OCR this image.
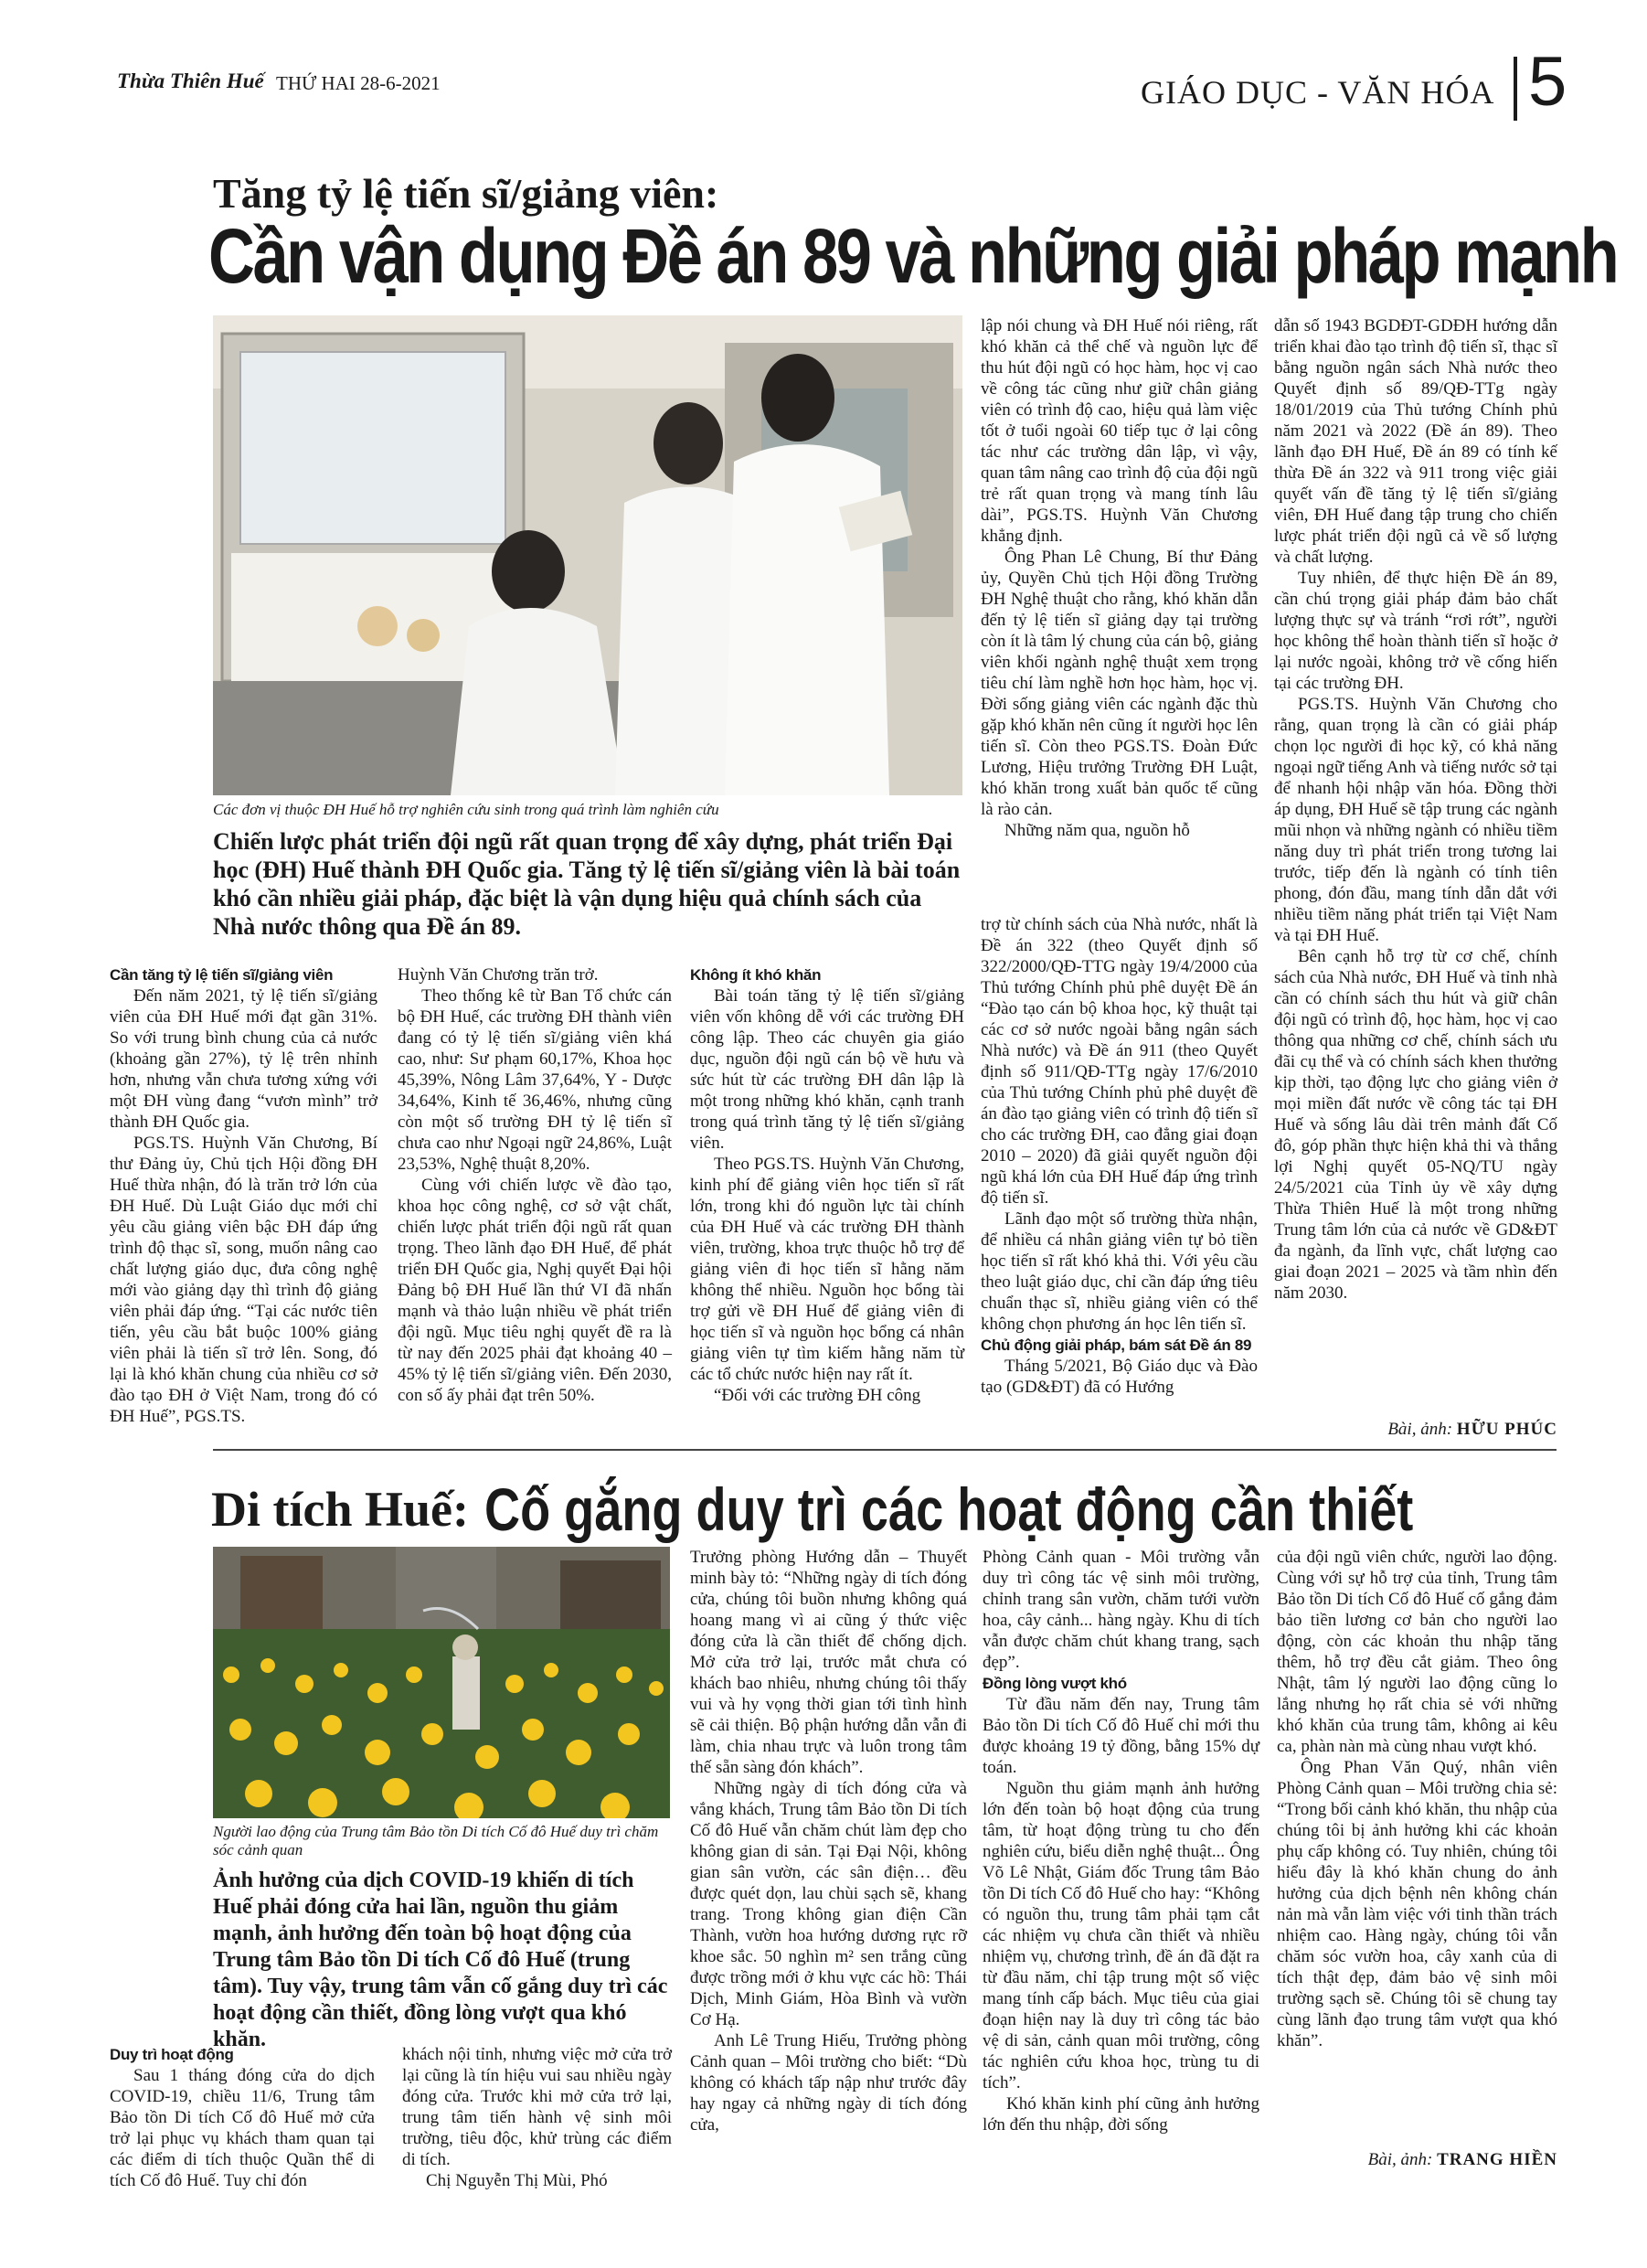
Thừa Thiên Huế THỨ HAI 28-6-2021	GIÁO DỤC - VĂN HÓA 5
Tăng tỷ lệ tiến sĩ/giảng viên:
Cần vận dụng Đề án 89 và những giải pháp mạnh
Các đơn vị thuộc ĐH Huế hỗ trợ nghiên cứu sinh trong quá trình làm nghiên cứu
Chiến lược phát triển đội ngũ rất quan trọng để xây dựng, phát triển Đại học (ĐH) Huế thành ĐH Quốc gia. Tăng tỷ lệ tiến sĩ/giảng viên là bài toán khó cần nhiều giải pháp, đặc biệt là vận dụng hiệu quả chính sách của Nhà nước thông qua Đề án 89.

lập nói chung và ĐH Huế nói riêng, rất khó khăn cả thể chế và nguồn lực để thu hút đội ngũ có học hàm, học vị cao về công tác cũng như giữ chân giảng viên có trình độ cao, hiệu quả làm việc tốt ở tuổi ngoài 60 tiếp tục ở lại công tác như các trường dân lập, vì vậy, quan tâm nâng cao trình độ của đội ngũ trẻ rất quan trọng và mang tính lâu dài”, PGS.TS. Huỳnh Văn Chương khẳng định.

Ông Phan Lê Chung, Bí thư Đảng ủy, Quyền Chủ tịch Hội đồng Trường ĐH Nghệ thuật cho rằng, khó khăn dẫn đến tỷ lệ tiến sĩ giảng dạy tại trường còn ít là tâm lý chung của cán bộ, giảng viên khối ngành nghệ thuật xem trọng tiêu chí làm nghề hơn học hàm, học vị. Đời sống giảng viên các ngành đặc thù gặp khó khăn nên cũng ít người học lên tiến sĩ. Còn theo PGS.TS. Đoàn Đức Lương, Hiệu trưởng Trường ĐH Luật, khó khăn trong xuất bản quốc tế cũng là rào cản.

Những năm qua, nguồn hỗ

dẫn số 1943 BGDĐT-GDĐH hướng dẫn triển khai đào tạo trình độ tiến sĩ, thạc sĩ bằng nguồn ngân sách Nhà nước theo Quyết định số 89/QĐ-TTg ngày 18/01/2019 của Thủ tướng Chính phủ năm 2021 và 2022 (Đề án 89). Theo lãnh đạo ĐH Huế, Đề án 89 có tính kế thừa Đề án 322 và 911 trong việc giải quyết vấn đề tăng tỷ lệ tiến sĩ/giảng viên, ĐH Huế đang tập trung cho chiến lược phát triển đội ngũ cả về số lượng và chất lượng.

Tuy nhiên, để thực hiện Đề án 89, cần chú trọng giải pháp đảm bảo chất lượng thực sự và tránh “rơi rớt”, người học không thể hoàn thành tiến sĩ hoặc ở lại nước ngoài, không trở về cống hiến tại các trường ĐH.

PGS.TS. Huỳnh Văn Chương cho rằng, quan trọng là cần có giải pháp chọn lọc người đi học kỹ, có khả năng ngoại ngữ tiếng Anh và tiếng nước sở tại để nhanh hội nhập văn hóa. Đồng thời áp dụng, ĐH Huế sẽ tập trung các ngành mũi nhọn và những ngành có nhiều tiềm năng duy trì phát triển trong tương lai trước, tiếp đến là ngành có tính tiên phong, đón đầu, mang tính dẫn dắt với nhiều tiềm năng phát triển tại Việt Nam và tại ĐH Huế.

Bên cạnh hỗ trợ từ cơ chế, chính sách của Nhà nước, ĐH Huế và tỉnh nhà cần có chính sách thu hút và giữ chân đội ngũ có trình độ, học hàm, học vị cao thông qua những cơ chế, chính sách ưu đãi cụ thể và có chính sách khen thưởng kịp thời, tạo động lực cho giảng viên ở mọi miền đất nước về công tác tại ĐH Huế và sống lâu dài trên mảnh đất Cố đô, góp phần thực hiện khả thi và thắng lợi Nghị quyết 05-NQ/TU ngày 24/5/2021 của Tỉnh ủy về xây dựng Thừa Thiên Huế là một trong những Trung tâm lớn của cả nước về GD&ĐT đa ngành, đa lĩnh vực, chất lượng cao giai đoạn 2021 – 2025 và tầm nhìn đến năm 2030.

Cần tăng tỷ lệ tiến sĩ/giảng viên

Đến năm 2021, tỷ lệ tiến sĩ/giảng viên của ĐH Huế mới đạt gần 31%. So với trung bình chung của cả nước (khoảng gần 27%), tỷ lệ trên nhỉnh hơn, nhưng vẫn chưa tương xứng với một ĐH vùng đang “vươn mình” trở thành ĐH Quốc gia.

PGS.TS. Huỳnh Văn Chương, Bí thư Đảng ủy, Chủ tịch Hội đồng ĐH Huế thừa nhận, đó là trăn trở lớn của ĐH Huế. Dù Luật Giáo dục mới chỉ yêu cầu giảng viên bậc ĐH đáp ứng trình độ thạc sĩ, song, muốn nâng cao chất lượng giáo dục, đưa công nghệ mới vào giảng dạy thì trình độ giảng viên phải đáp ứng. “Tại các nước tiên tiến, yêu cầu bắt buộc 100% giảng viên phải là tiến sĩ trở lên. Song, đó lại là khó khăn chung của nhiều cơ sở đào tạo ĐH ở Việt Nam, trong đó có ĐH Huế”, PGS.TS.

Huỳnh Văn Chương trăn trở.

Theo thống kê từ Ban Tổ chức cán bộ ĐH Huế, các trường ĐH thành viên đang có tỷ lệ tiến sĩ/giảng viên khá cao, như: Sư phạm 60,17%, Khoa học 45,39%, Nông Lâm 37,64%, Y - Dược 34,64%, Kinh tế 36,46%, nhưng cũng còn một số trường ĐH tỷ lệ tiến sĩ chưa cao như Ngoại ngữ 24,86%, Luật 23,53%, Nghệ thuật 8,20%.

Cùng với chiến lược về đào tạo, khoa học công nghệ, cơ sở vật chất, chiến lược phát triển đội ngũ rất quan trọng. Theo lãnh đạo ĐH Huế, để phát triển ĐH Quốc gia, Nghị quyết Đại hội Đảng bộ ĐH Huế lần thứ VI đã nhấn mạnh và thảo luận nhiều về phát triển đội ngũ. Mục tiêu nghị quyết đề ra là từ nay đến 2025 phải đạt khoảng 40 – 45% tỷ lệ tiến sĩ/giảng viên. Đến 2030, con số ấy phải đạt trên 50%.

Không ít khó khăn

Bài toán tăng tỷ lệ tiến sĩ/giảng viên vốn không dễ với các trường ĐH công lập. Theo các chuyên gia giáo dục, nguồn đội ngũ cán bộ về hưu và sức hút từ các trường ĐH dân lập là một trong những khó khăn, cạnh tranh trong quá trình tăng tỷ lệ tiến sĩ/giảng viên.

Theo PGS.TS. Huỳnh Văn Chương, kinh phí để giảng viên học tiến sĩ rất lớn, trong khi đó nguồn lực tài chính của ĐH Huế và các trường ĐH thành viên, trường, khoa trực thuộc hỗ trợ để giảng viên đi học tiến sĩ hằng năm không thể nhiều. Nguồn học bổng tài trợ gửi về ĐH Huế để giảng viên đi học tiến sĩ và nguồn học bổng cá nhân giảng viên tự tìm kiếm hằng năm từ các tổ chức nước hiện nay rất ít.

“Đối với các trường ĐH công

trợ từ chính sách của Nhà nước, nhất là Đề án 322 (theo Quyết định số 322/2000/QĐ-TTG ngày 19/4/2000 của Thủ tướng Chính phủ phê duyệt Đề án “Đào tạo cán bộ khoa học, kỹ thuật tại các cơ sở nước ngoài bằng ngân sách Nhà nước) và Đề án 911 (theo Quyết định số 911/QĐ-TTg ngày 17/6/2010 của Thủ tướng Chính phủ phê duyệt đề án đào tạo giảng viên có trình độ tiến sĩ cho các trường ĐH, cao đẳng giai đoạn 2010 – 2020) đã giải quyết nguồn đội ngũ khá lớn của ĐH Huế đáp ứng trình độ tiến sĩ.

Lãnh đạo một số trường thừa nhận, để nhiều cá nhân giảng viên tự bỏ tiền học tiến sĩ rất khó khả thi. Với yêu cầu theo luật giáo dục, chỉ cần đáp ứng tiêu chuẩn thạc sĩ, nhiều giảng viên có thể không chọn phương án học lên tiến sĩ.

Chủ động giải pháp, bám sát Đề án 89

Tháng 5/2021, Bộ Giáo dục và Đào tạo (GD&ĐT) đã có Hướng

Bài, ảnh: HỮU PHÚC
Di tích Huế: Cố gắng duy trì các hoạt động cần thiết
Người lao động của Trung tâm Bảo tồn Di tích Cố đô Huế duy trì chăm sóc cảnh quan
Ảnh hưởng của dịch COVID-19 khiến di tích Huế phải đóng cửa hai lần, nguồn thu giảm mạnh, ảnh hưởng đến toàn bộ hoạt động của Trung tâm Bảo tồn Di tích Cố đô Huế (trung tâm). Tuy vậy, trung tâm vẫn cố gắng duy trì các hoạt động cần thiết, đồng lòng vượt qua khó khăn.

Duy trì hoạt động

Sau 1 tháng đóng cửa do dịch COVID-19, chiều 11/6, Trung tâm Bảo tồn Di tích Cố đô Huế mở cửa trở lại phục vụ khách tham quan tại các điểm di tích thuộc Quần thể di tích Cố đô Huế. Tuy chỉ đón

khách nội tỉnh, nhưng việc mở cửa trở lại cũng là tín hiệu vui sau nhiều ngày đóng cửa. Trước khi mở cửa trở lại, trung tâm tiến hành vệ sinh môi trường, tiêu độc, khử trùng các điểm di tích.

Chị Nguyễn Thị Mùi, Phó

Trưởng phòng Hướng dẫn – Thuyết minh bày tỏ: “Những ngày di tích đóng cửa, chúng tôi buồn nhưng không quá hoang mang vì ai cũng ý thức việc đóng cửa là cần thiết để chống dịch. Mở cửa trở lại, trước mắt chưa có khách bao nhiêu, nhưng chúng tôi thấy vui và hy vọng thời gian tới tình hình sẽ cải thiện. Bộ phận hướng dẫn vẫn đi làm, chia nhau trực và luôn trong tâm thế sẵn sàng đón khách”.

Những ngày di tích đóng cửa và vắng khách, Trung tâm Bảo tồn Di tích Cố đô Huế vẫn chăm chút làm đẹp cho không gian di sản. Tại Đại Nội, không gian sân vườn, các sân điện… đều được quét dọn, lau chùi sạch sẽ, khang trang. Trong không gian điện Cần Thành, vườn hoa hướng dương rực rỡ khoe sắc. 50 nghìn m² sen trắng cũng được trồng mới ở khu vực các hồ: Thái Dịch, Minh Giám, Hòa Bình và vườn Cơ Hạ.

Anh Lê Trung Hiếu, Trưởng phòng Cảnh quan – Môi trường cho biết: “Dù không có khách tấp nập như trước đây hay ngay cả những ngày di tích đóng cửa,

Phòng Cảnh quan - Môi trường vẫn duy trì công tác vệ sinh môi trường, chỉnh trang sân vườn, chăm tưới vườn hoa, cây cảnh... hàng ngày. Khu di tích vẫn được chăm chút khang trang, sạch đẹp”.

Đồng lòng vượt khó

Từ đầu năm đến nay, Trung tâm Bảo tồn Di tích Cố đô Huế chỉ mới thu được khoảng 19 tỷ đồng, bằng 15% dự toán.

Nguồn thu giảm mạnh ảnh hưởng lớn đến toàn bộ hoạt động của trung tâm, từ hoạt động trùng tu cho đến nghiên cứu, biểu diễn nghệ thuật... Ông Võ Lê Nhật, Giám đốc Trung tâm Bảo tồn Di tích Cố đô Huế cho hay: “Không có nguồn thu, trung tâm phải tạm cắt các nhiệm vụ chưa cần thiết và nhiều nhiệm vụ, chương trình, đề án đã đặt ra từ đầu năm, chỉ tập trung một số việc mang tính cấp bách. Mục tiêu của giai đoạn hiện nay là duy trì công tác bảo vệ di sản, cảnh quan môi trường, công tác nghiên cứu khoa học, trùng tu di tích”.

Khó khăn kinh phí cũng ảnh hưởng lớn đến thu nhập, đời sống

của đội ngũ viên chức, người lao động. Cùng với sự hỗ trợ của tỉnh, Trung tâm Bảo tồn Di tích Cố đô Huế cố gắng đảm bảo tiền lương cơ bản cho người lao động, còn các khoản thu nhập tăng thêm, hỗ trợ đều cắt giảm. Theo ông Nhật, tâm lý người lao động cũng lo lắng nhưng họ rất chia sẻ với những khó khăn của trung tâm, không ai kêu ca, phàn nàn mà cùng nhau vượt khó.

Ông Phan Văn Quý, nhân viên Phòng Cảnh quan – Môi trường chia sẻ: “Trong bối cảnh khó khăn, thu nhập của chúng tôi bị ảnh hưởng khi các khoản phụ cấp không có. Tuy nhiên, chúng tôi hiểu đây là khó khăn chung do ảnh hưởng của dịch bệnh nên không chán nản mà vẫn làm việc với tinh thần trách nhiệm cao. Hàng ngày, chúng tôi vẫn chăm sóc vườn hoa, cây xanh của di tích thật đẹp, đảm bảo vệ sinh môi trường sạch sẽ. Chúng tôi sẽ chung tay cùng lãnh đạo trung tâm vượt qua khó khăn”.

Bài, ảnh: TRANG HIỀN
